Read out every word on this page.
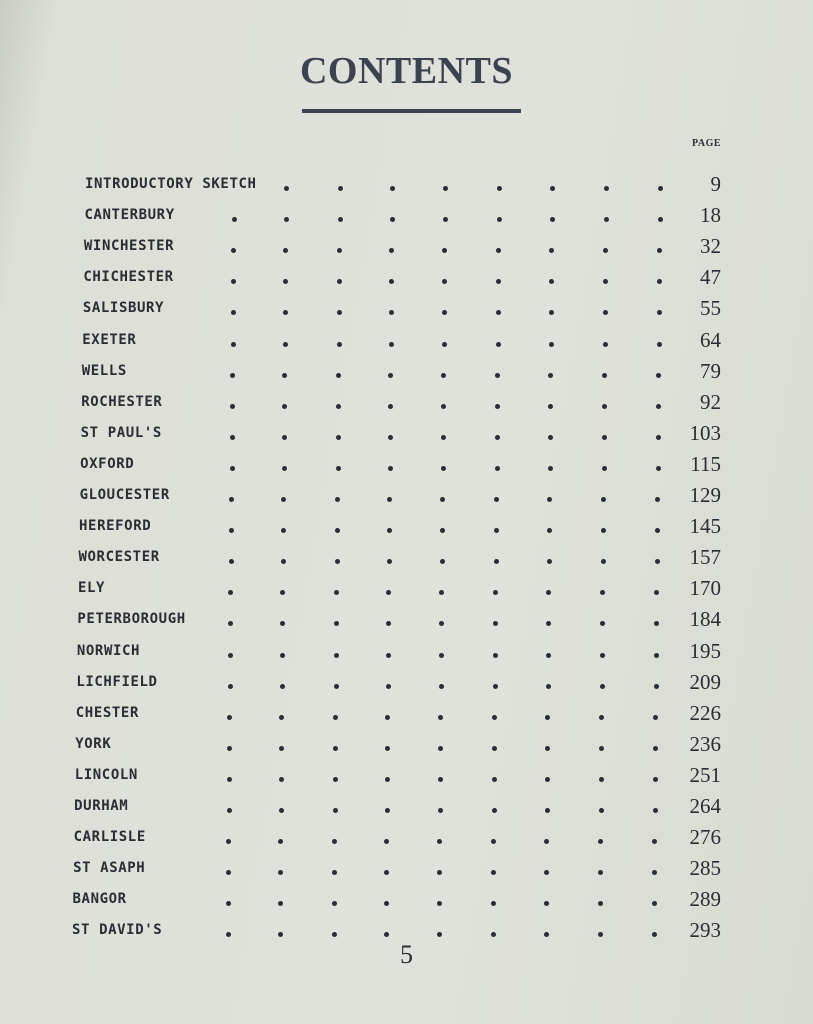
CONTENTS
PAGE
INTRODUCTORY SKETCH	9
CANTERBURY	18
WINCHESTER	32
CHICHESTER	47
SALISBURY	55
EXETER	64
WELLS	79
ROCHESTER	92
ST PAUL'S	103
OXFORD	115
GLOUCESTER	129
HEREFORD	145
WORCESTER	157
ELY	170
PETERBOROUGH	184
NORWICH	195
LICHFIELD	209
CHESTER	226
YORK	236
LINCOLN	251
DURHAM	264
CARLISLE	276
ST ASAPH	285
BANGOR	289
ST DAVID'S	293
5
